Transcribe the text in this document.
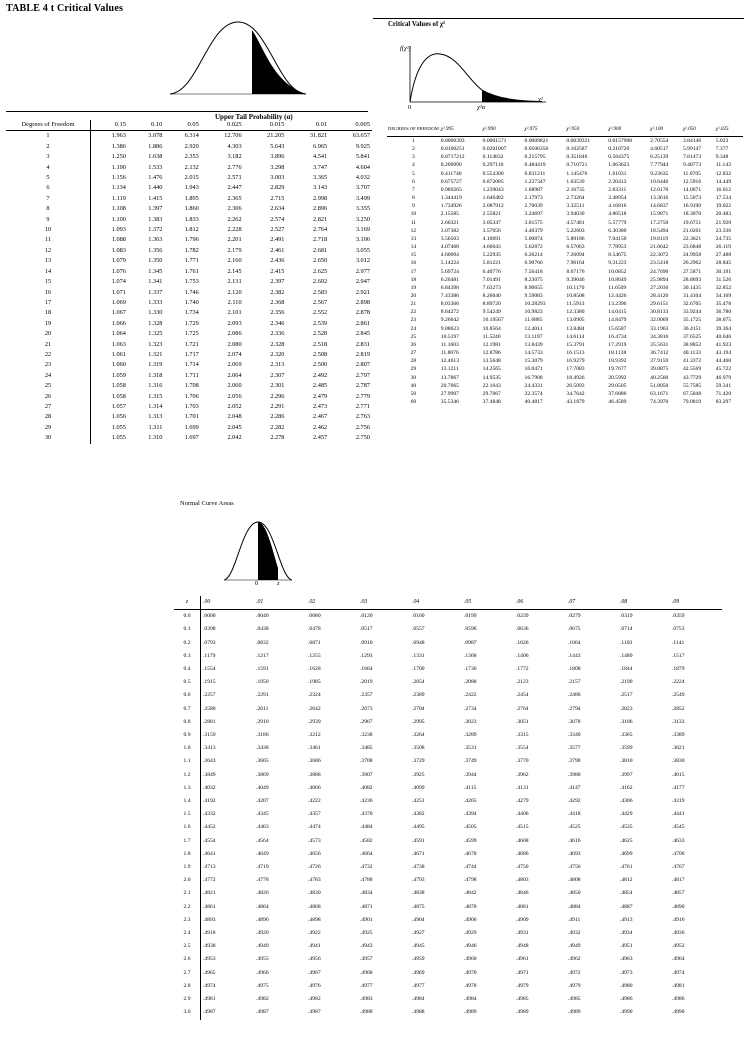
TABLE 4 t Critical Values
α
Upper Tail Probability (α)
Degrees of Freedom	0.15	0.10	0.05	0.025	0.015	0.01	0.005
1	1.963	3.078	6.314	12.706	21.205	31.821	63.657
2	1.386	1.886	2.920	4.303	5.643	6.965	9.925
3	1.250	1.638	2.353	3.182	3.896	4.541	5.841
4	1.190	1.533	2.132	2.776	3.298	3.747	4.604
5	1.156	1.476	2.015	2.571	3.003	3.365	4.032
6	1.134	1.440	1.943	2.447	2.829	3.143	3.707
7	1.119	1.415	1.895	2.365	2.715	2.998	3.499
8	1.108	1.397	1.860	2.306	2.634	2.896	3.355
9	1.100	1.383	1.833	2.262	2.574	2.821	3.250
10	1.093	1.372	1.812	2.228	2.527	2.764	3.169
11	1.088	1.363	1.796	2.201	2.491	2.718	3.106
12	1.083	1.356	1.782	2.179	2.461	2.681	3.055
13	1.079	1.350	1.771	2.160	2.436	2.650	3.012
14	1.076	1.345	1.761	2.145	2.415	2.625	2.977
15	1.074	1.341	1.753	2.131	2.397	2.602	2.947
16	1.071	1.337	1.746	2.120	2.382	2.583	2.921
17	1.069	1.333	1.740	2.110	2.368	2.567	2.898
18	1.067	1.330	1.734	2.101	2.356	2.552	2.878
19	1.066	1.328	1.729	2.093	2.346	2.539	2.861
20	1.064	1.325	1.725	2.086	2.336	2.528	2.845
21	1.063	1.323	1.721	2.080	2.328	2.518	2.831
22	1.061	1.321	1.717	2.074	2.320	2.508	2.819
23	1.060	1.319	1.714	2.069	2.313	2.500	2.807
24	1.059	1.318	1.711	2.064	2.307	2.492	2.797
25	1.058	1.316	1.708	2.060	2.301	2.485	2.787
26	1.058	1.315	1.706	2.056	2.296	2.479	2.779
27	1.057	1.314	1.703	2.052	2.291	2.473	2.771
28	1.056	1.313	1.701	2.048	2.286	2.467	2.763
29	1.055	1.311	1.699	2.045	2.282	2.462	2.756
30	1.055	1.310	1.697	2.042	2.278	2.457	2.750
Critical Values of χ²
f(χ²)
0	χ²α
χ²
DEGREES OF FREEDOM	χ².995	χ².990	χ².975	χ².950	χ².900	χ².100	χ².050	χ².025
1	0.0000393	0.0001571	0.0009821	0.0039321	0.0157908	2.70554	3.84146	5.023
2	0.0100251	0.0201007	0.0506356	0.102587	0.210720	4.60517	5.99147	7.377
3	0.0717212	0.114832	0.215795	0.351846	0.584375	6.25139	7.81473	9.348
4	0.206990	0.297110	0.484419	0.710721	1.063623	7.77944	9.48773	11.143
5	0.411740	0.554300	0.831211	1.145476	1.61031	9.23635	11.0705	12.832
6	0.675727	0.872085	1.237347	1.63539	2.20413	10.6446	12.5916	14.449
7	0.989265	1.239043	1.68987	2.16735	2.83311	12.0170	14.0671	16.012
8	1.344419	1.646482	2.17973	2.73264	3.48954	13.3616	15.5073	17.534
9	1.734926	2.087912	2.70039	3.32511	4.16816	14.6837	16.9190	19.022
10	2.15585	2.55821	3.24697	3.94030	4.86518	15.9871	18.3070	20.483
11	2.60321	3.05347	3.81575	4.57481	5.57779	17.2750	19.6751	21.920
12	3.07382	3.57056	4.40379	5.22603	6.30380	18.5494	21.0261	23.336
13	3.56503	4.10691	5.00874	5.89186	7.04150	19.8119	22.3621	24.735
14	4.07468	4.66043	5.62872	6.57063	7.78953	21.0642	23.6848	26.119
15	4.60094	5.22935	6.26214	7.26094	8.54675	22.3072	24.9958	27.488
16	5.14224	5.81221	6.90766	7.96164	9.31223	23.5418	26.2962	28.845
17	5.69724	6.40776	7.56418	8.67176	10.0852	24.7690	27.5871	30.191
18	6.26481	7.01491	8.23075	9.39046	10.8649	25.9894	28.8693	31.526
19	6.84398	7.63273	8.90655	10.1170	11.6509	27.2036	30.1435	32.852
20	7.43386	8.26040	9.59083	10.8508	12.4426	28.4120	31.4104	34.169
21	8.03366	8.89720	10.28293	11.5913	13.2396	29.6151	32.6705	35.478
22	8.64272	9.54249	10.9823	12.3380	14.0415	30.8133	33.9244	36.780
23	9.26042	10.19567	11.6885	13.0905	14.8479	32.0069	35.1725	38.075
24	9.88623	10.8564	12.4011	13.8484	15.6587	33.1963	36.4151	39.364
25	10.5197	11.5240	13.1197	14.6114	16.4734	34.3816	37.6525	40.646
26	11.1603	12.1981	13.8439	15.3791	17.2919	35.5631	38.8852	41.923
27	11.8076	12.8786	14.5733	16.1513	18.1138	36.7412	40.1133	43.194
28	12.4613	13.5648	15.3079	16.9279	18.9392	37.9159	41.3372	44.460
29	13.1211	14.2565	16.0471	17.7083	19.7677	39.0875	42.5569	45.722
30	13.7867	14.9535	16.7908	18.4926	20.5992	40.2560	43.7729	46.979
40	20.7065	22.1643	24.4331	26.5093	29.0505	51.8050	55.7585	59.341
50	27.9907	29.7067	32.3574	34.7642	37.6886	63.1671	67.5048	71.420
60	35.5346	37.4848	40.4817	43.1879	46.4589	74.3970	79.0819	83.297
Normal Curve Areas
0	z
z	.00	.01	.02	.03	.04	.05	.06	.07	.08	.09
0.0	.0000	.0040	.0080	.0120	.0160	.0199	.0239	.0279	.0319	.0359
0.1	.0398	.0438	.0478	.0517	.0557	.0596	.0636	.0675	.0714	.0753
0.2	.0793	.0832	.0871	.0910	.0948	.0987	.1026	.1064	.1103	.1141
0.3	.1179	.1217	.1255	.1293	.1331	.1368	.1406	.1443	.1480	.1517
0.4	.1554	.1591	.1628	.1664	.1700	.1736	.1772	.1808	.1844	.1879
0.5	.1915	.1950	.1985	.2019	.2054	.2088	.2123	.2157	.2190	.2224
0.6	.2257	.2291	.2324	.2357	.2389	.2422	.2454	.2486	.2517	.2549
0.7	.2580	.2611	.2642	.2673	.2704	.2734	.2764	.2794	.2823	.2852
0.8	.2881	.2910	.2939	.2967	.2995	.3023	.3051	.3078	.3106	.3133
0.9	.3159	.3186	.3212	.3238	.3264	.3289	.3315	.3340	.3365	.3389
1.0	.3413	.3438	.3461	.3485	.3508	.3531	.3554	.3577	.3599	.3621
1.1	.3643	.3665	.3686	.3708	.3729	.3749	.3770	.3790	.3810	.3830
1.2	.3849	.3869	.3888	.3907	.3925	.3944	.3962	.3980	.3997	.4015
1.3	.4032	.4049	.4066	.4082	.4099	.4115	.4131	.4147	.4162	.4177
1.4	.4192	.4207	.4222	.4236	.4251	.4265	.4279	.4292	.4306	.4319
1.5	.4332	.4345	.4357	.4370	.4382	.4394	.4406	.4418	.4429	.4441
1.6	.4452	.4463	.4474	.4484	.4495	.4505	.4515	.4525	.4535	.4545
1.7	.4554	.4564	.4573	.4582	.4591	.4599	.4608	.4616	.4625	.4633
1.8	.4641	.4649	.4656	.4664	.4671	.4678	.4686	.4693	.4699	.4706
1.9	.4713	.4719	.4726	.4732	.4738	.4744	.4750	.4756	.4761	.4767
2.0	.4772	.4778	.4783	.4788	.4793	.4798	.4803	.4808	.4812	.4817
2.1	.4821	.4826	.4830	.4834	.4838	.4842	.4846	.4850	.4854	.4857
2.2	.4861	.4864	.4868	.4871	.4875	.4878	.4881	.4884	.4887	.4890
2.3	.4893	.4896	.4898	.4901	.4904	.4906	.4909	.4911	.4913	.4916
2.4	.4918	.4920	.4922	.4925	.4927	.4929	.4931	.4932	.4934	.4936
2.5	.4938	.4940	.4941	.4943	.4945	.4946	.4948	.4949	.4951	.4952
2.6	.4953	.4955	.4956	.4957	.4959	.4960	.4961	.4962	.4963	.4964
2.7	.4965	.4966	.4967	.4968	.4969	.4970	.4971	.4972	.4973	.4974
2.8	.4974	.4975	.4976	.4977	.4977	.4978	.4979	.4979	.4980	.4981
2.9	.4981	.4982	.4982	.4983	.4984	.4984	.4985	.4985	.4986	.4986
3.0	.4987	.4987	.4987	.4988	.4988	.4989	.4989	.4989	.4990	.4990
